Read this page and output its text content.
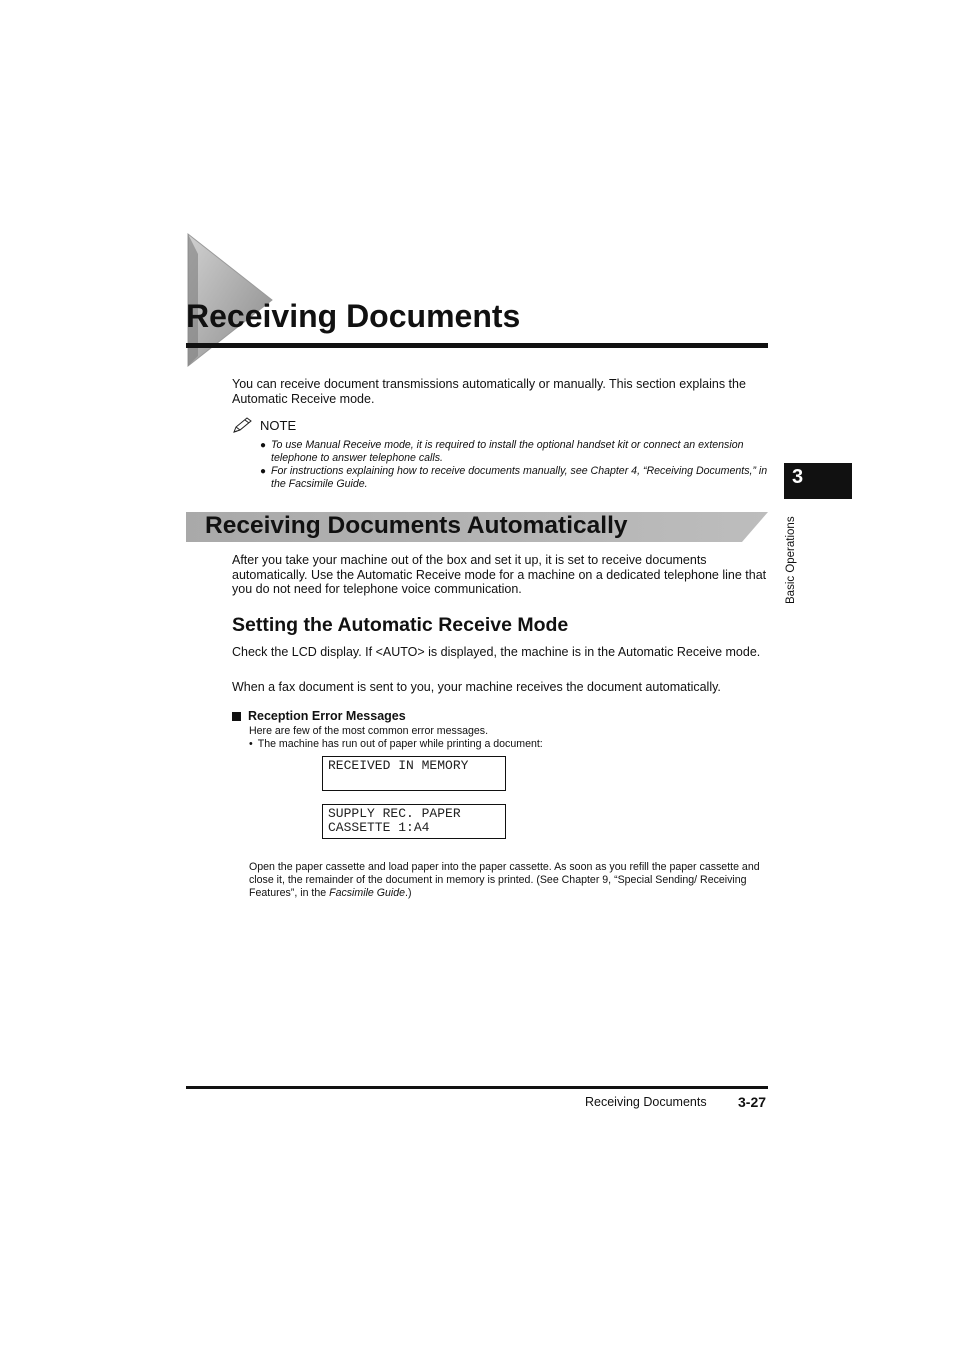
Receiving Documents

You can receive document transmissions automatically or manually. This section explains the Automatic Receive mode.

NOTE
● To use Manual Receive mode, it is required to install the optional handset kit or connect an extension telephone to answer telephone calls.
● For instructions explaining how to receive documents manually, see Chapter 4, “Receiving Documents,” in the Facsimile Guide.
Receiving Documents Automatically

After you take your machine out of the box and set it up, it is set to receive documents automatically. Use the Automatic Receive mode for a machine on a dedicated telephone line that you do not need for telephone voice communication.

Setting the Automatic Receive Mode

Check the LCD display. If <AUTO> is displayed, the machine is in the Automatic Receive mode.

When a fax document is sent to you, your machine receives the document automatically.

Reception Error Messages
Here are few of the most common error messages.
• The machine has run out of paper while printing a document:
RECEIVED IN MEMORY
SUPPLY REC. PAPER
CASSETTE 1:A4

Open the paper cassette and load paper into the paper cassette. As soon as you refill the paper cassette and close it, the remainder of the document in memory is printed. (See Chapter 9, “Special Sending/ Receiving Features”, in the Facsimile Guide.)

3
Basic Operations
Receiving Documents 3-27
